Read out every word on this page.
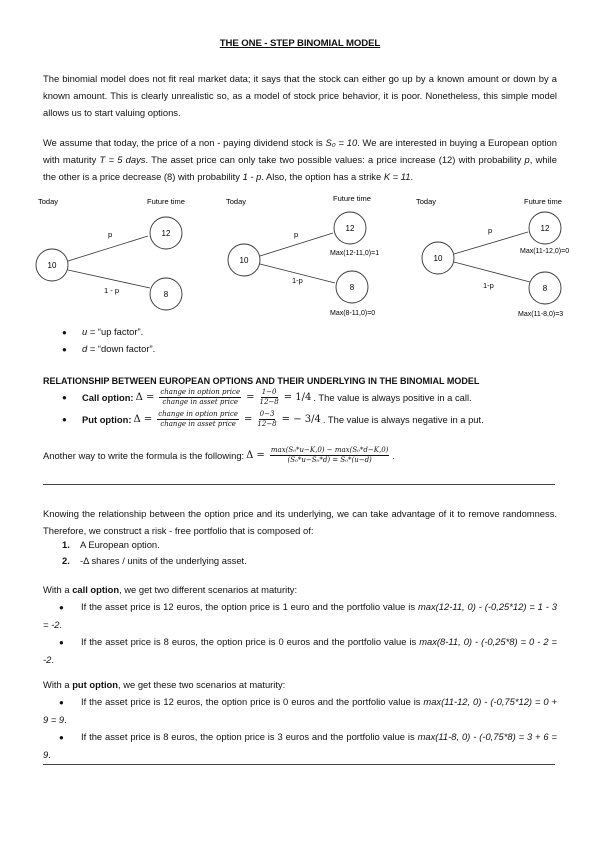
THE ONE - STEP BINOMIAL MODEL

The binomial model does not fit real market data; it says that the stock can either go up by a known amount or down by a known amount. This is clearly unrealistic so, as a model of stock price behavior, it is poor. Nonetheless, this simple model allows us to start valuing options.

We assume that today, the price of a non - paying dividend stock is S₀ = 10. We are interested in buying a European option with maturity T = 5 days. The asset price can only take two possible values: a price increase (12) with probability p, while the other is a price decrease (8) with probability 1 - p. Also, the option has a strike K = 11.

Today	Future time
10
12
8
p
1 - p
Today	Future time
10
12
8
p
1-p
Max(12-11,0)=1
Max(8-11,0)=0
Today	Future time
10
12
8
p
1-p
Max(11-12,0)=0
Max(11-8,0)=3
● u = “up factor”.
● d = “down factor”.
RELATIONSHIP BETWEEN EUROPEAN OPTIONS AND THEIR UNDERLYING IN THE BINOMIAL MODEL
●	Call option: $\Delta = \frac{\text{change in option price}}{\text{change in asset price}} = \frac{1-0}{12-8} = 1/4$ . The value is always positive in a call.
●	Put option: $\Delta = \frac{\text{change in option price}}{\text{change in asset price}} = \frac{0-3}{12-8}$ = − 3/4 . The value is always negative in a put.
Another way to write the formula is the following: $\Delta = \frac{\text{max(S₀*u−K,0) − max(S₀*d−K,0)}}{\text{(S₀*u−S₀*d) = S₀*(u−d)}}$ .

Knowing the relationship between the option price and its underlying, we can take advantage of it to remove randomness. Therefore, we construct a risk - free portfolio that is composed of:

1. A European option.
2. -Δ shares / units of the underlying asset.

With a call option, we get two different scenarios at maturity:

● If the asset price is 12 euros, the option price is 1 euro and the portfolio value is max(12-11, 0) - (-0,25*12) = 1 - 3 = -2.
● If the asset price is 8 euros, the option price is 0 euros and the portfolio value is max(8-11, 0) - (-0,25*8) = 0 - 2 = -2.

With a put option, we get these two scenarios at maturity:

● If the asset price is 12 euros, the option price is 0 euros and the portfolio value is max(11-12, 0) - (-0,75*12) = 0 + 9 = 9.
● If the asset price is 8 euros, the option price is 3 euros and the portfolio value is max(11-8, 0) - (-0,75*8) = 3 + 6 = 9.
